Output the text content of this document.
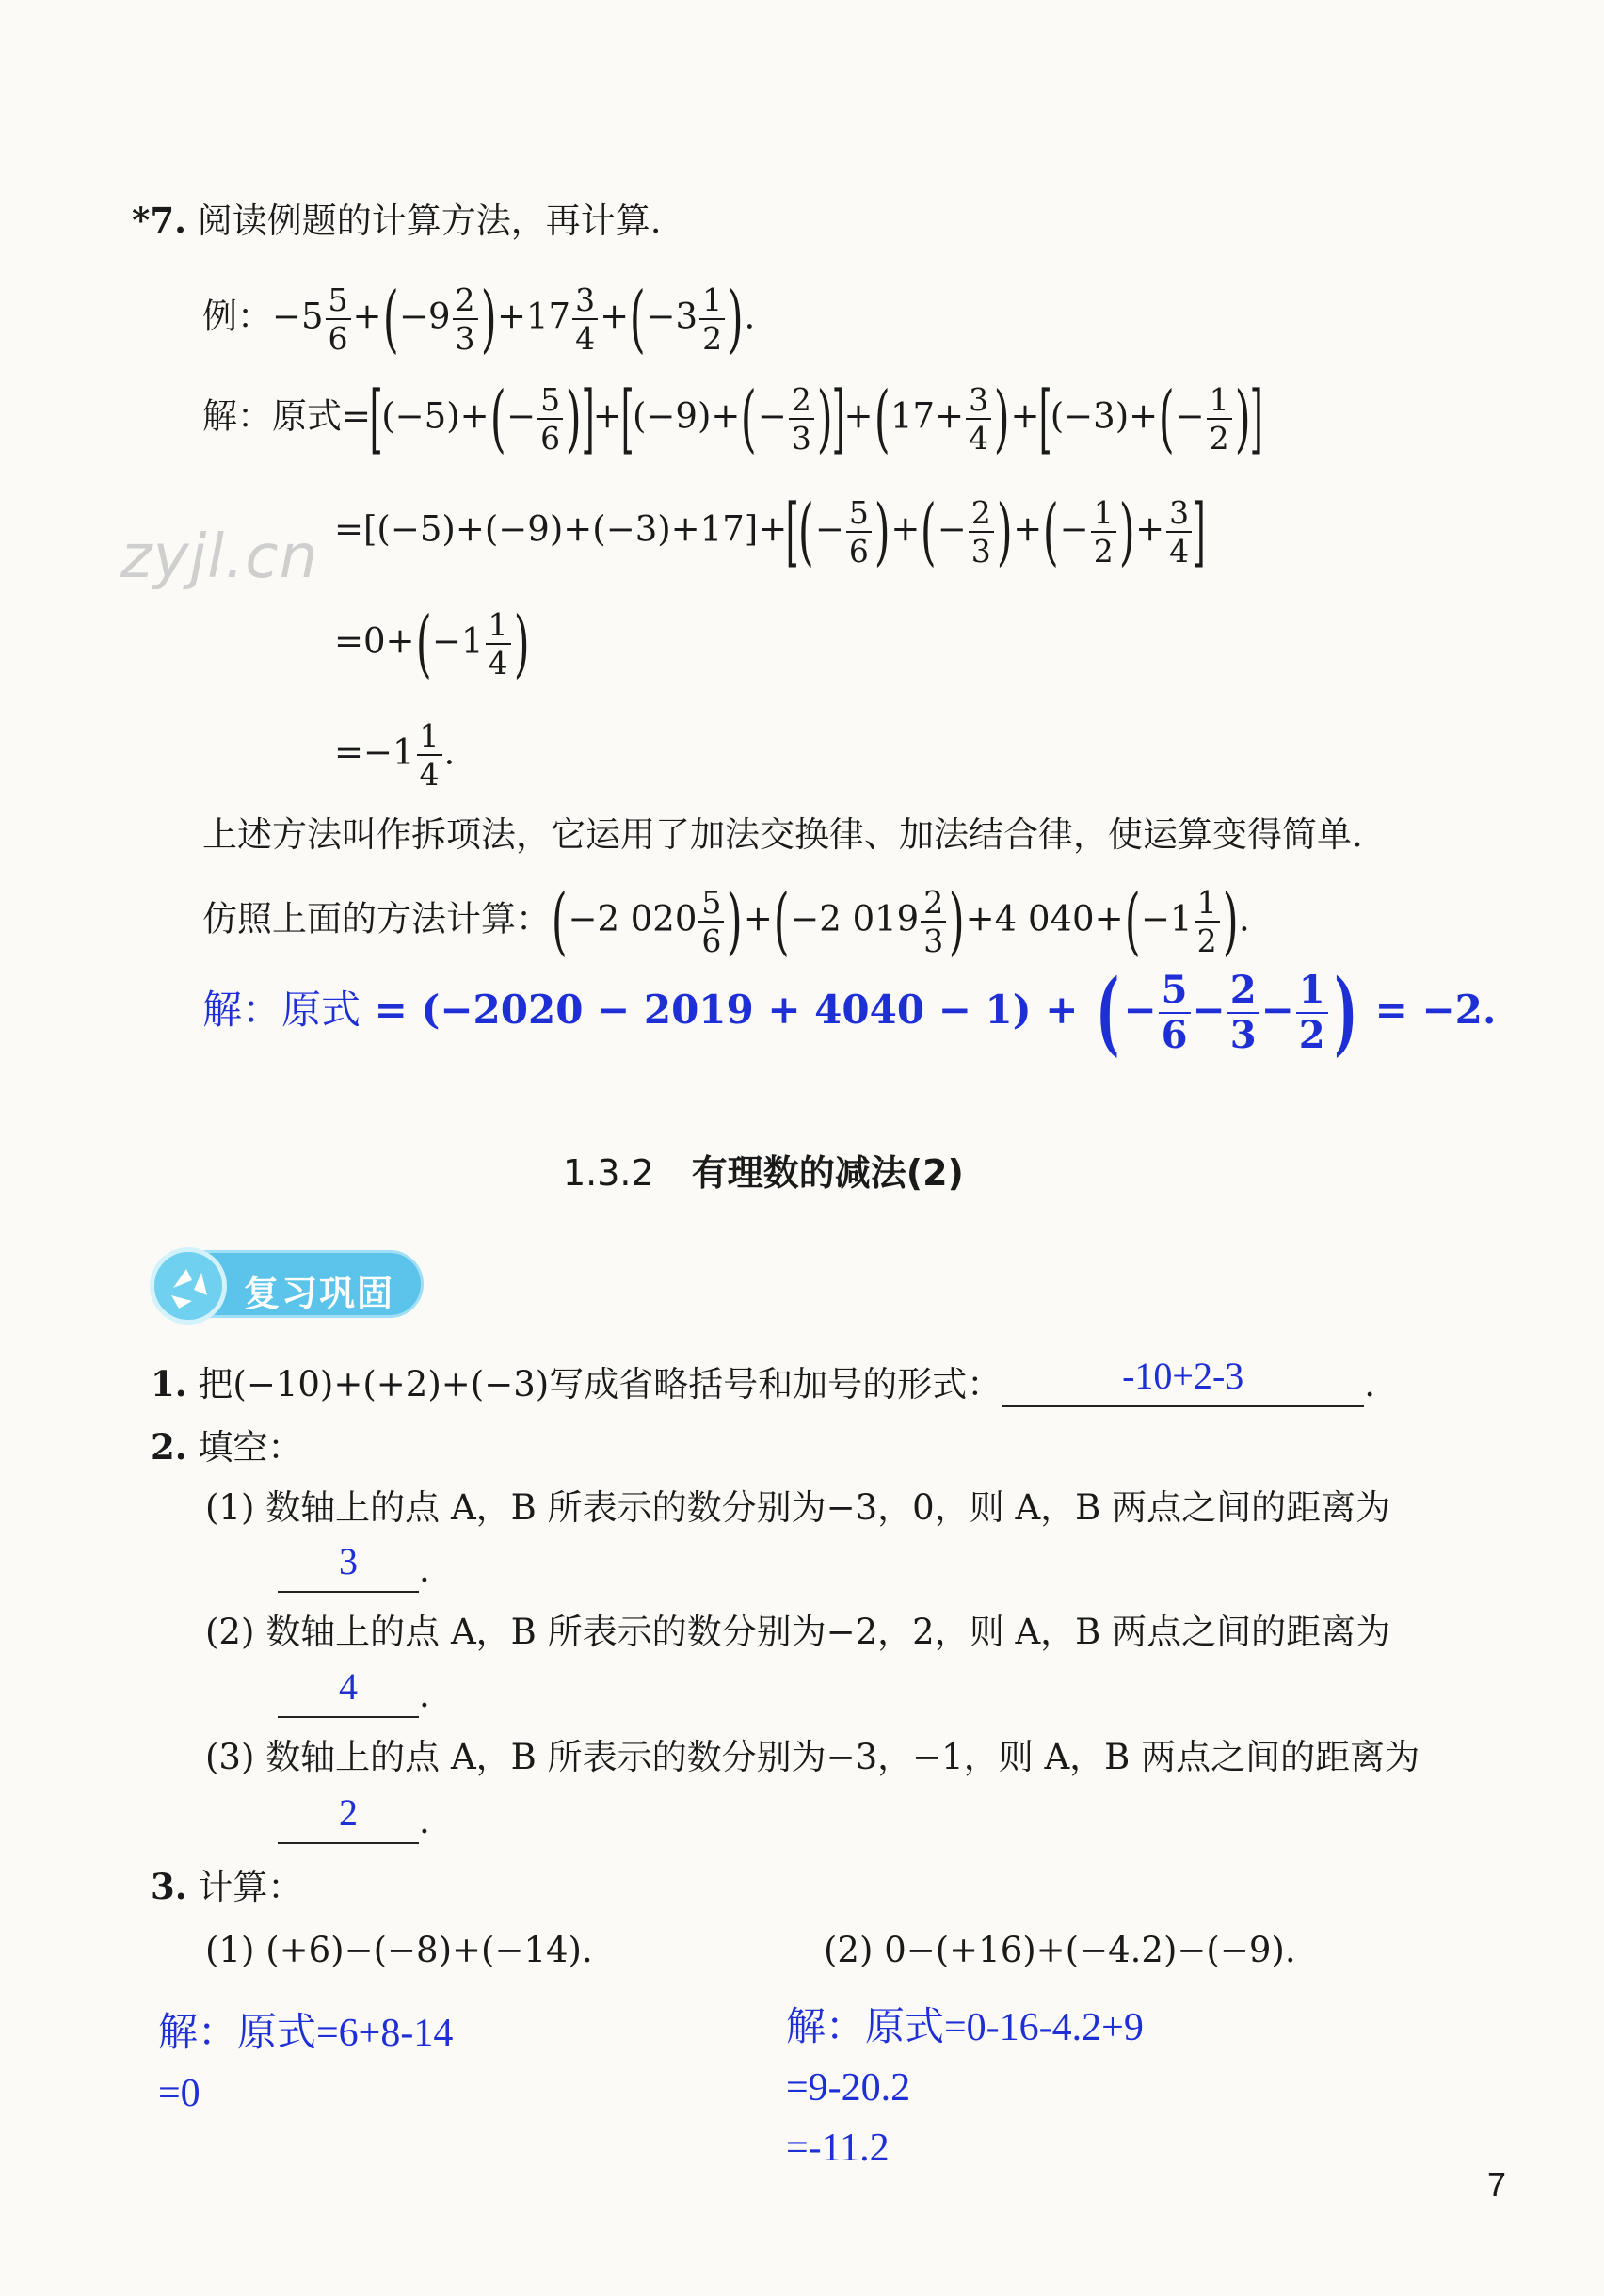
zyjl.cn
*7. 阅读例题的计算方法，再计算.
例：$-5 \frac{5}{6} +(-9 \frac{2}{3} )+17 \frac{3}{4} +(-3 \frac{1}{2}$ ).
解：原式$=[(-5)+(- \frac{5}{6} )]+[(-9)+(- \frac{2}{3} )]+(17+ \frac{3}{4} )+[(-3)+(- \frac{1}{2}$ )]
$=[(-5)+(-9)+(-3)+17]+[(- \frac{5}{6}$ )+(− $\frac{2}{3}$ )+(− $\frac{1}{2}$ )+ $\frac{3}{4}$ ]
$=0+(-1 \frac{1}{4}$ )
$=-1 \frac{1}{4}$ .
上述方法叫作拆项法，它运用了加法交换律、加法结合律，使运算变得简单.
仿照上面的方法计算：(−2 $020 \frac{5}{6} )+(-2$ $019 \frac{2}{3} )+4$ $040+(-1 \frac{1}{2}$ ).
解：原式 = (−2020 − 2019 + 4040 − 1) + ( − $\frac{5}{6} - \frac{2}{3} - \frac{1}{2}$ ) = −2.
1.3.2 有理数的减法(2)
复习巩固
1. 把(−10)+(+2)+(−3)写成省略括号和加号的形式：	-10+2-3	.
2. 填空：
(1) 数轴上的点 A，B 所表示的数分别为−3，0，则 A，B 两点之间的距离为
3 .
(2) 数轴上的点 A，B 所表示的数分别为−2，2，则 A，B 两点之间的距离为
4 .
(3) 数轴上的点 A，B 所表示的数分别为−3，−1，则 A，B 两点之间的距离为
2 .
3. 计算：
(1) (+6)−(−8)+(−14).	(2) 0−(+16)+(−4.2)−(−9).
解：原式=6+8-14
=0
解：原式=0-16-4.2+9
=9-20.2
=-11.2
7
